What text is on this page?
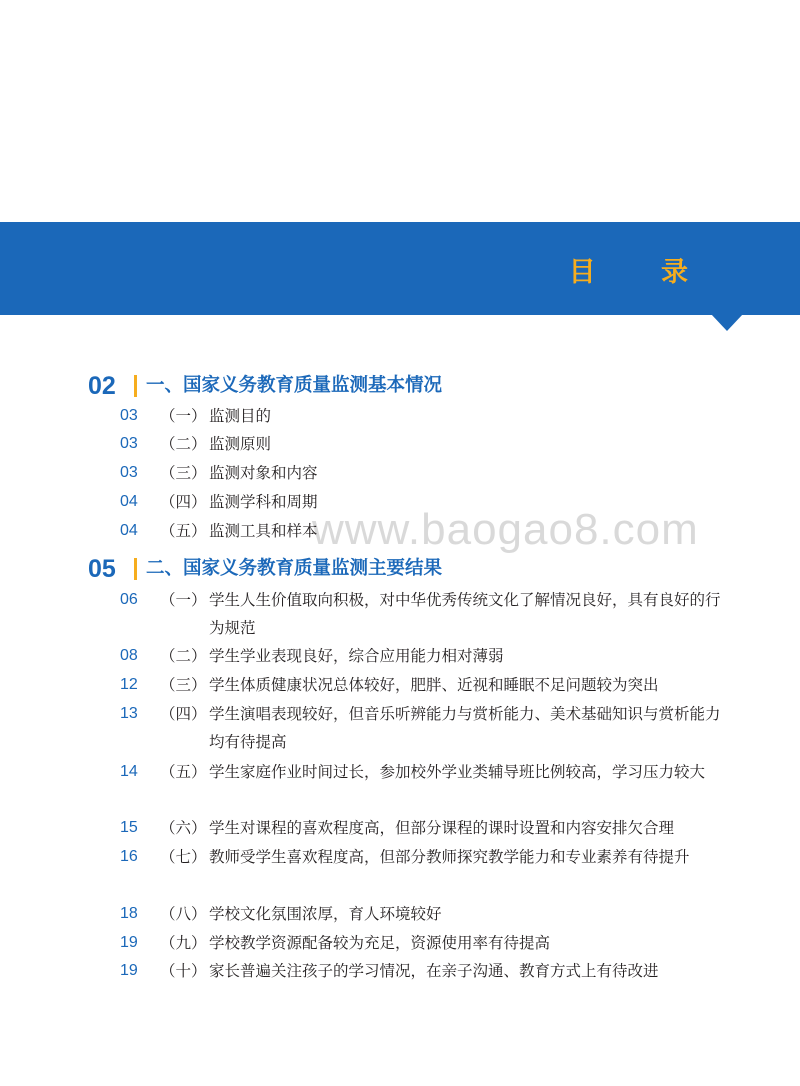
目 录
www.baogao8.com
02	一、国家义务教育质量监测基本情况
03	（一） 监测目的
03	（二） 监测原则
03	（三） 监测对象和内容
04	（四） 监测学科和周期
04	（五） 监测工具和样本
05	二、国家义务教育质量监测主要结果
06	（一） 学生人生价值取向积极，对中华优秀传统文化了解情况良好，具有良好的行为规范
08	（二） 学生学业表现良好，综合应用能力相对薄弱
12	（三） 学生体质健康状况总体较好，肥胖、近视和睡眠不足问题较为突出
13	（四） 学生演唱表现较好，但音乐听辨能力与赏析能力、美术基础知识与赏析能力均有待提高
14	（五） 学生家庭作业时间过长，参加校外学业类辅导班比例较高，学习压力较大
15	（六） 学生对课程的喜欢程度高，但部分课程的课时设置和内容安排欠合理
16	（七） 教师受学生喜欢程度高，但部分教师探究教学能力和专业素养有待提升
18	（八） 学校文化氛围浓厚，育人环境较好
19	（九） 学校教学资源配备较为充足，资源使用率有待提高
19	（十） 家长普遍关注孩子的学习情况，在亲子沟通、教育方式上有待改进
